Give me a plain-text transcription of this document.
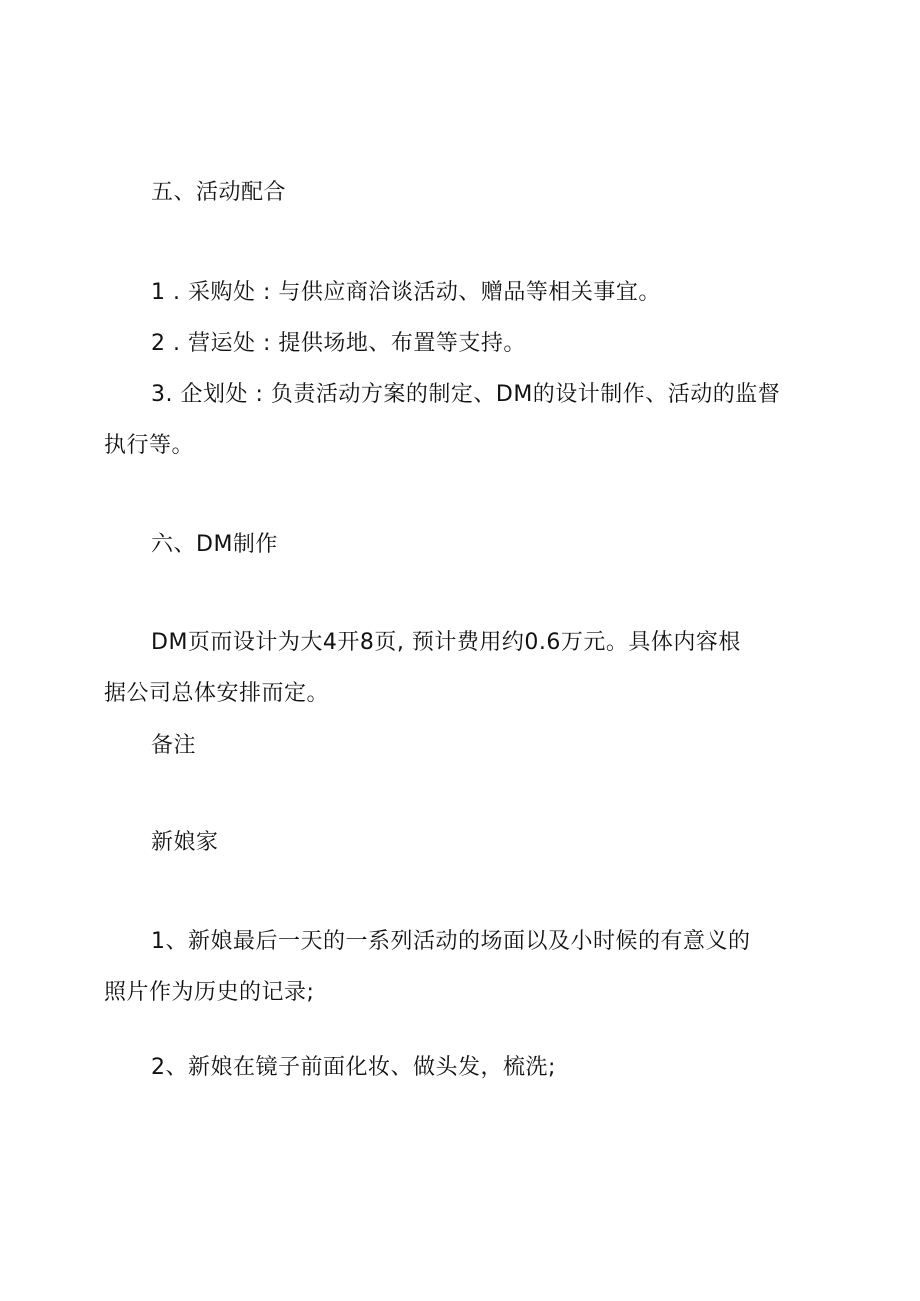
五、活动配合
1 . 采购处 : 与供应商洽谈活动、赠品等相关事宜。
2 . 营运处 : 提供场地、布置等支持。
3. 企划处 : 负责活动方案的制定、DM的设计制作、活动的监督
执行等。
六、DM制作
DM页而设计为大4开8页, 预计费用约0.6万元。具体内容根
据公司总体安排而定。
备注
新娘家
1、新娘最后一天的一系列活动的场面以及小时候的有意义的
照片作为历史的记录;
2、新娘在镜子前面化妆、做头发，梳洗;
